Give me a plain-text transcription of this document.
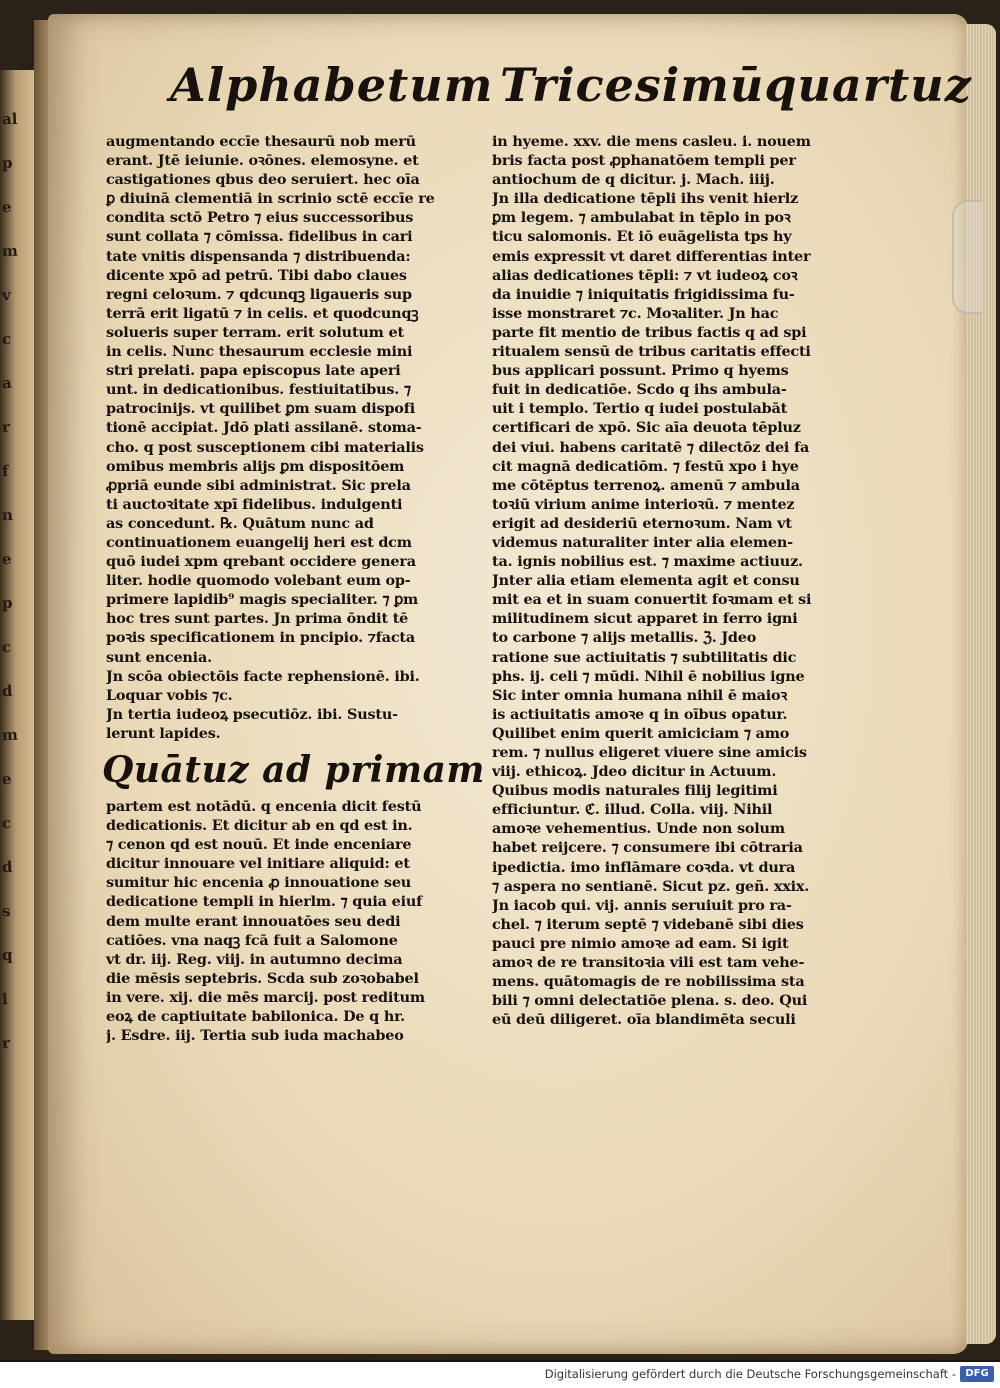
al
p
e
m
v
c
a
r
f
n
e
p
c
d
m
e
c
d
s
q
l
r
Alphabetum Tricesimūquartuz
augmentando eccīe thesaurū nob merū
erant. Jtē ieiunie. oꝛōnes. elemosyne. et
castigationes qbus deo seruiert. hec oīa
ꝑ diuinā clementiā in scrinio sctē eccīe re
condita sctō Petro ⁊ eius successoribus
sunt collata ⁊ cōmissa. fidelibus in cari
tate vnitis dispensanda ⁊ distribuenda:
dicente xpō ad petrū. Tibi dabo claues
regni celoꝛum. ⁊ qdcunqꝫ ligaueris sup
terrā erit ligatū ⁊ in celis. et quodcunqꝫ
solueris super terram. erit solutum et
in celis. Nunc thesaurum ecclesie mini
stri prelati. papa episcopus late aperi
unt. in dedicationibus. festiuitatibus. ⁊
patrocinijs. vt quilibet ꝑm suam dispofi
tionē accipiat. Jdō plati assilanē. stoma-
cho. q post susceptionem cibi materialis
omibus membris alijs ꝑm dispositōem
ꝓpriā eunde sibi administrat. Sic prela
ti auctoꝛitate xpī fidelibus. indulgenti
as concedunt. ℞. Quātum nunc ad
continuationem euangelij heri est dcm
quō iudei xpm qrebant occidere genera
liter. hodie quomodo volebant eum op-
primere lapidib⁹ magis specialiter. ⁊ ꝑm
hoc tres sunt partes. Jn prima ōndit tē
poꝛis specificationem in pncipio. ⁊facta
sunt encenia.
Jn scōa obiectōis facte rephensionē. ibi.
Loquar vobis ⁊c.
Jn tertia iudeoꝝ psecutiōz. ibi. Sustu-
lerunt lapides.
Quātuz ad primam
partem est notādū. q encenia dicit festū
dedicationis. Et dicitur ab en qd est in.
⁊ cenon qd est nouū. Et inde enceniare
dicitur innouare vel initiare aliquid: et
sumitur hic encenia ꝓ innouatione seu
dedicatione templi in hierlm. ⁊ quia eiuf
dem multe erant innouatōes seu dedi
catiōes. vna naqꝫ fcā fuit a Salomone
vt dr. iij. Reg. viij. in autumno decima
die mēsis septebris. Scda sub zoꝛobabel
in vere. xij. die mēs marcij. post reditum
eoꝝ de captiuitate babilonica. De q hr.
j. Esdre. iij. Tertia sub iuda machabeo
in hyeme. xxv. die mens casleu. i. nouem
bris facta post ꝓphanatōem templi per
antiochum de q dicitur. j. Mach. iiij.
Jn illa dedicatione tēpli ihs venit hierlz
ꝑm legem. ⁊ ambulabat in tēplo in poꝛ
ticu salomonis. Et iō euāgelista tps hy
emis expressit vt daret differentias inter
alias dedicationes tēpli: ⁊ vt iudeoꝝ coꝛ
da inuidie ⁊ iniquitatis frigidissima fu-
isse monstraret ⁊c. Moꝛaliter. Jn hac
parte fit mentio de tribus factis q ad spi
ritualem sensū de tribus caritatis effecti
bus applicari possunt. Primo q hyems
fuit in dedicatiōe. Scdo q ihs ambula-
uit i templo. Tertio q iudei postulabāt
certificari de xpō. Sic aīa deuota tēpluz
dei viui. habens caritatē ⁊ dilectōz dei fa
cit magnā dedicatiōm. ⁊ festū xpo i hye
me cōtēptus terrenoꝝ. amenū ⁊ ambula
toꝛiū virium anime interioꝛū. ⁊ mentez
erigit ad desideriū eternoꝛum. Nam vt
videmus naturaliter inter alia elemen-
ta. ignis nobilius est. ⁊ maxime actiuuz.
Jnter alia etiam elementa agit et consu
mit ea et in suam conuertit foꝛmam et si
militudinem sicut apparet in ferro igni
to carbone ⁊ alijs metallis. ℨ. Jdeo
ratione sue actiuitatis ⁊ subtilitatis dic
phs. ij. celi ⁊ mūdi. Nihil ē nobilius igne
Sic inter omnia humana nihil ē maioꝛ
is actiuitatis amoꝛe q in oībus opatur.
Quilibet enim querit amiciciam ⁊ amo
rem. ⁊ nullus eligeret viuere sine amicis
viij. ethicoꝝ. Jdeo dicitur in Actuum.
Quibus modis naturales filij legitimi
efficiuntur. ℭ. illud. Colla. viij. Nihil
amoꝛe vehementius. Unde non solum
habet reijcere. ⁊ consumere ibi cōtraria
ipedictia. imo inflāmare coꝛda. vt dura
⁊ aspera no sentianē. Sicut pz. geñ. xxix.
Jn iacob qui. vij. annis seruiuit pro ra-
chel. ⁊ iterum septē ⁊ videbanē sibi dies
pauci pre nimio amoꝛe ad eam. Si igit
amoꝛ de re transitoꝛia vili est tam vehe-
mens. quātomagis de re nobilissima sta
bili ⁊ omni delectatiōe plena. s. deo. Qui
eū deū diligeret. oīa blandimēta seculi
Digitalisierung gefördert durch die Deutsche Forschungsgemeinschaft - DFG
